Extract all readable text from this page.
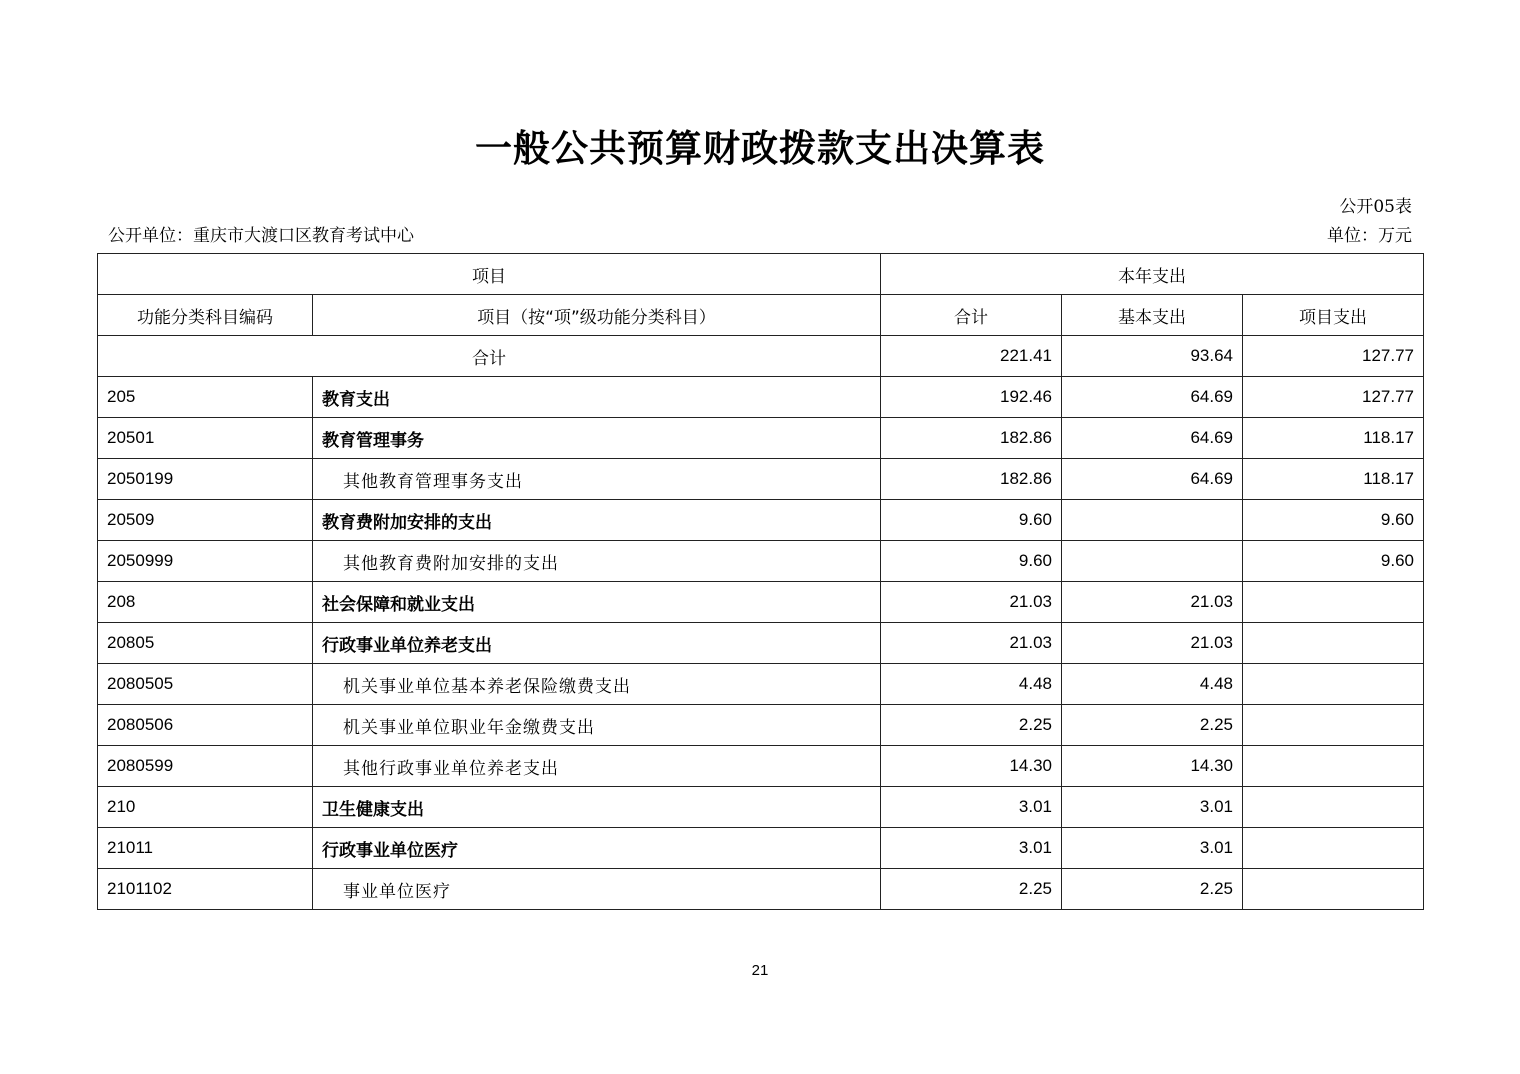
一般公共预算财政拨款支出决算表
公开05表
公开单位：重庆市大渡口区教育考试中心	单位：万元
项目		本年支出		
功能分类科目编码	项目（按“项”级功能分类科目）	合计	基本支出	项目支出
合计		221.41	93.64	127.77
205	教育支出	192.46	64.69	127.77
20501	教育管理事务	182.86	64.69	118.17
2050199	其他教育管理事务支出	182.86	64.69	118.17
20509	教育费附加安排的支出	9.60		9.60
2050999	其他教育费附加安排的支出	9.60		9.60
208	社会保障和就业支出	21.03	21.03	
20805	行政事业单位养老支出	21.03	21.03	
2080505	机关事业单位基本养老保险缴费支出	4.48	4.48	
2080506	机关事业单位职业年金缴费支出	2.25	2.25	
2080599	其他行政事业单位养老支出	14.30	14.30	
210	卫生健康支出	3.01	3.01	
21011	行政事业单位医疗	3.01	3.01	
2101102	事业单位医疗	2.25	2.25	
21
